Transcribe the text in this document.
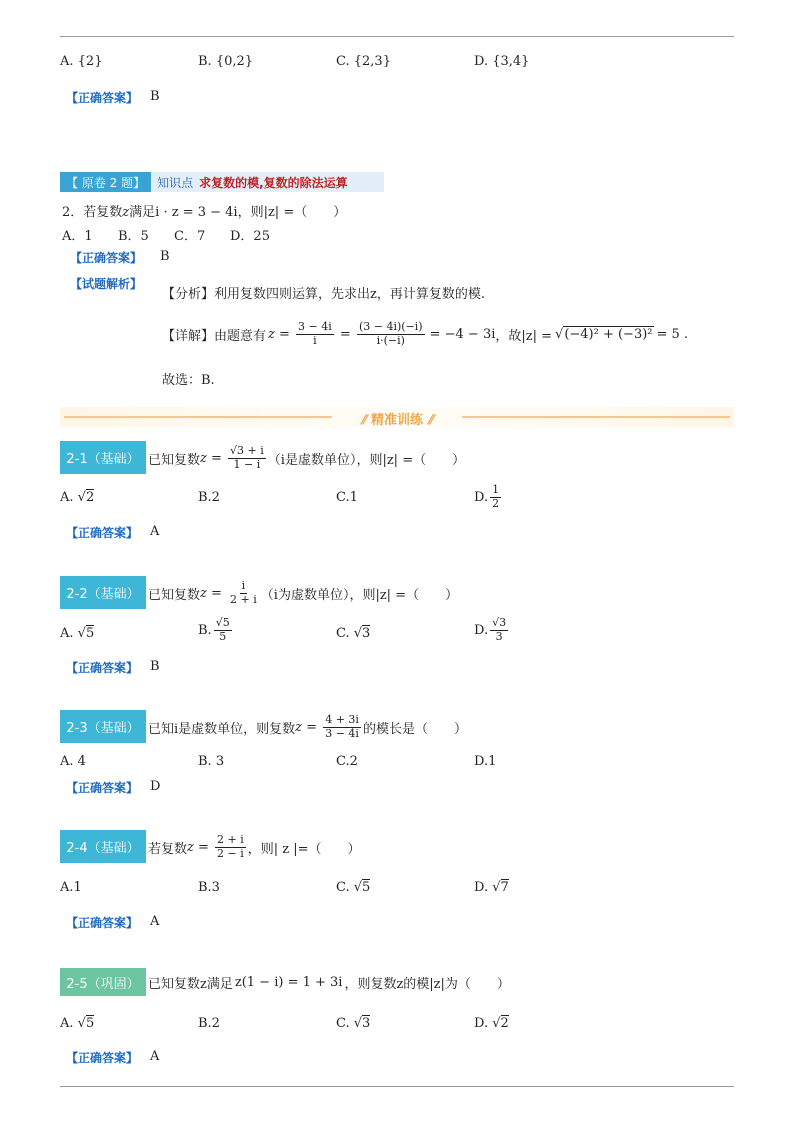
A. {2}	B. {0,2}	C. {2,3}	D. {3,4}
【正确答案】 B
【 原卷 2 题】	知识点 求复数的模,复数的除法运算
2．若复数z满足i · z = 3 − 4i，则|z| =（　　）
A．1 B．5 C．7 D．25
【正确答案】 B
【试题解析】
【分析】利用复数四则运算，先求出z，再计算复数的模.
【详解】由题意有 $z = \frac{3 - 4i}{i} = \frac{(3 - 4i)(-i)}{i\cdot(-i)} = -4 - 3i$ ，故|z| = √(−4)² + (−3)² = 5 .
故选：B.
⫽ 精准训练 ⫽
2-1（基础） 已知复数 $z = \frac{√3 + i}{1 - i} (i$是虚数单位），则|z| =（　　）
A. √2	B.2	C.1	D. $\frac{1}{2}$
【正确答案】 A
2-2（基础） 已知复数 $z = \frac{i}{2 + i} (i$为虚数单位），则|z| =（　　）
A. √5	B. $\frac{√5}{5}$	C. √3	D. $\frac{√3}{3}$
【正确答案】 B
2-3（基础） 已知i是虚数单位，则复数 $z = \frac{4 + 3i}{3 - 4i}$ 的模长是（　　）
A. 4	B. 3	C.2	D.1
【正确答案】 D
2-4（基础） 若复数 $z = \frac{2 + i}{2 - i}$ ，则| z |=（　　）
A.1	B.3	C. √5	D. √7
【正确答案】 A
2-5（巩固） 已知复数z满足 z(1 − i) = 1 + 3i ，则复数z的模|z|为（　　）
A. √5	B.2	C. √3	D. √2
【正确答案】 A
